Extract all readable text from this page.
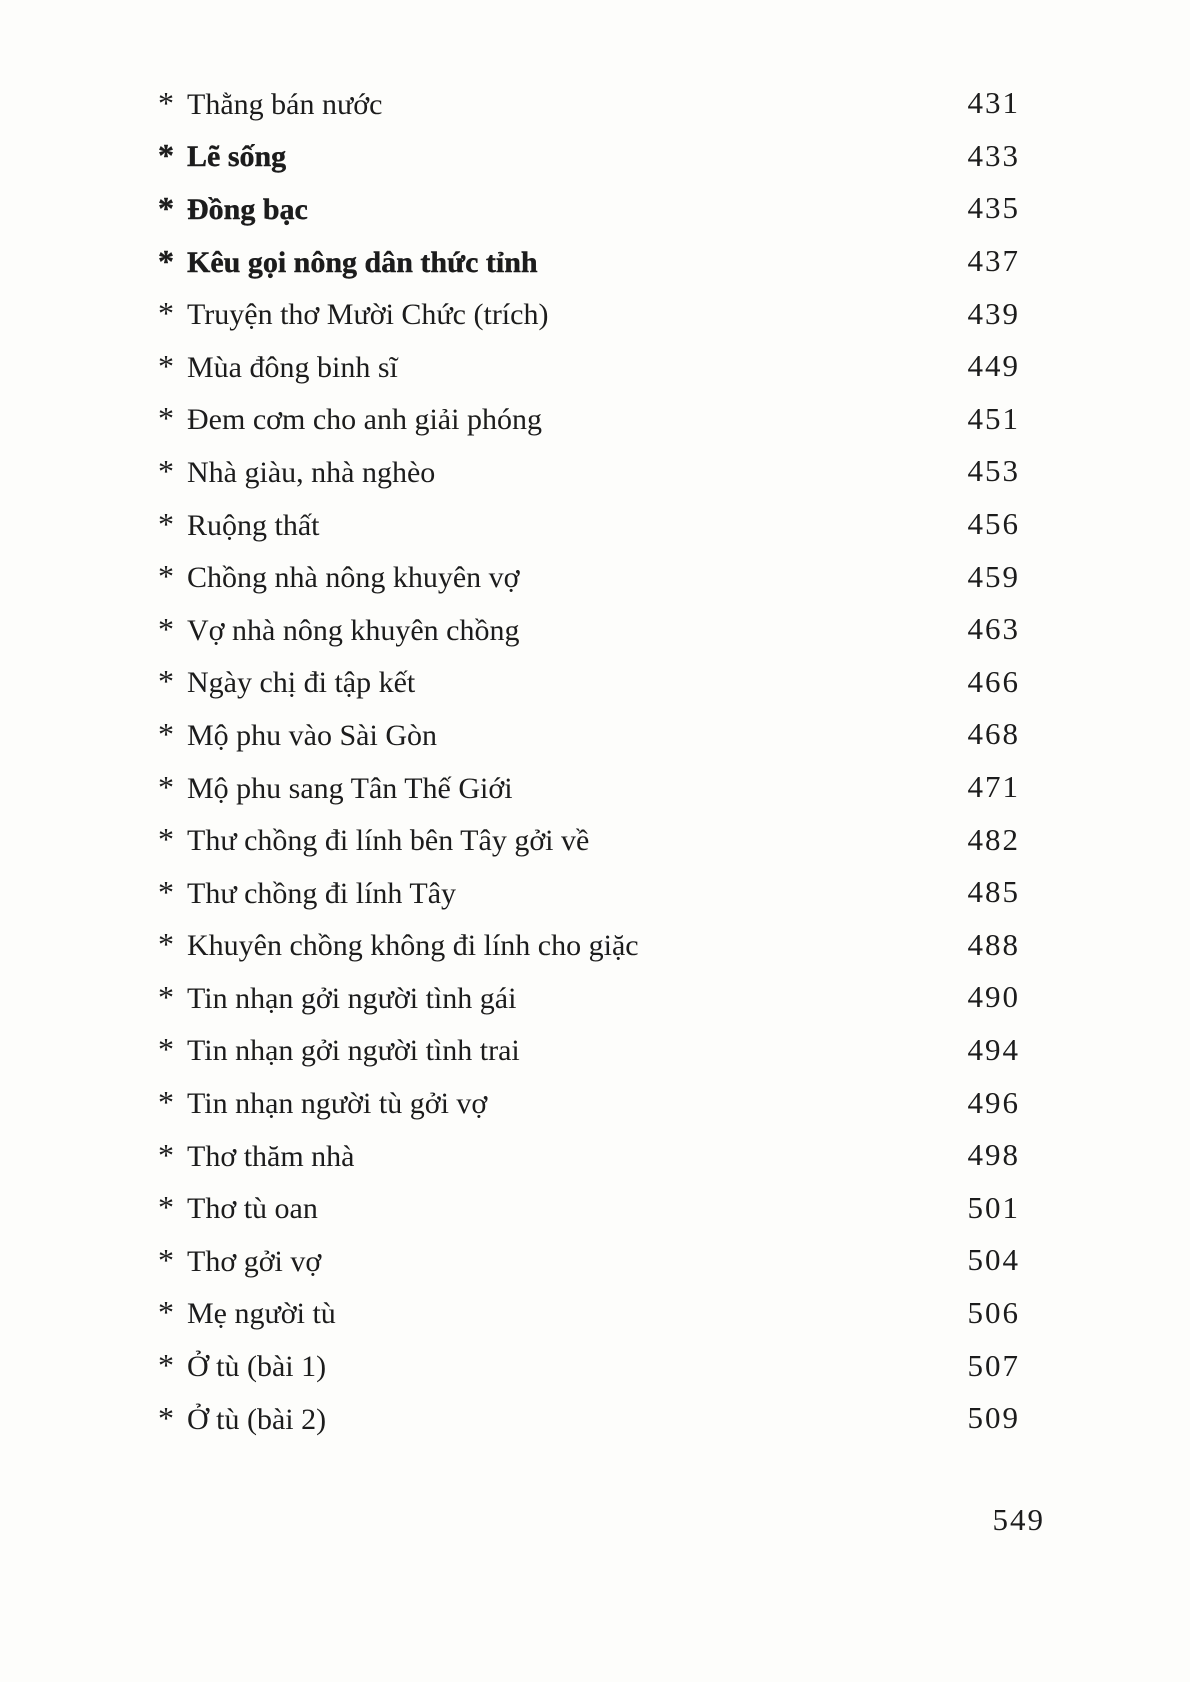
* Thằng bán nước	431
* Lẽ sống	433
* Đồng bạc	435
* Kêu gọi nông dân thức tỉnh	437
* Truyện thơ Mười Chức (trích)	439
* Mùa đông binh sĩ	449
* Đem cơm cho anh giải phóng	451
* Nhà giàu, nhà nghèo	453
* Ruộng thất	456
* Chồng nhà nông khuyên vợ	459
* Vợ nhà nông khuyên chồng	463
* Ngày chị đi tập kết	466
* Mộ phu vào Sài Gòn	468
* Mộ phu sang Tân Thế Giới	471
* Thư chồng đi lính bên Tây gởi về	482
* Thư chồng đi lính Tây	485
* Khuyên chồng không đi lính cho giặc	488
* Tin nhạn gởi người tình gái	490
* Tin nhạn gởi người tình trai	494
* Tin nhạn người tù gởi vợ	496
* Thơ thăm nhà	498
* Thơ tù oan	501
* Thơ gởi vợ	504
* Mẹ người tù	506
* Ở tù (bài 1)	507
* Ở tù (bài 2)	509
549
